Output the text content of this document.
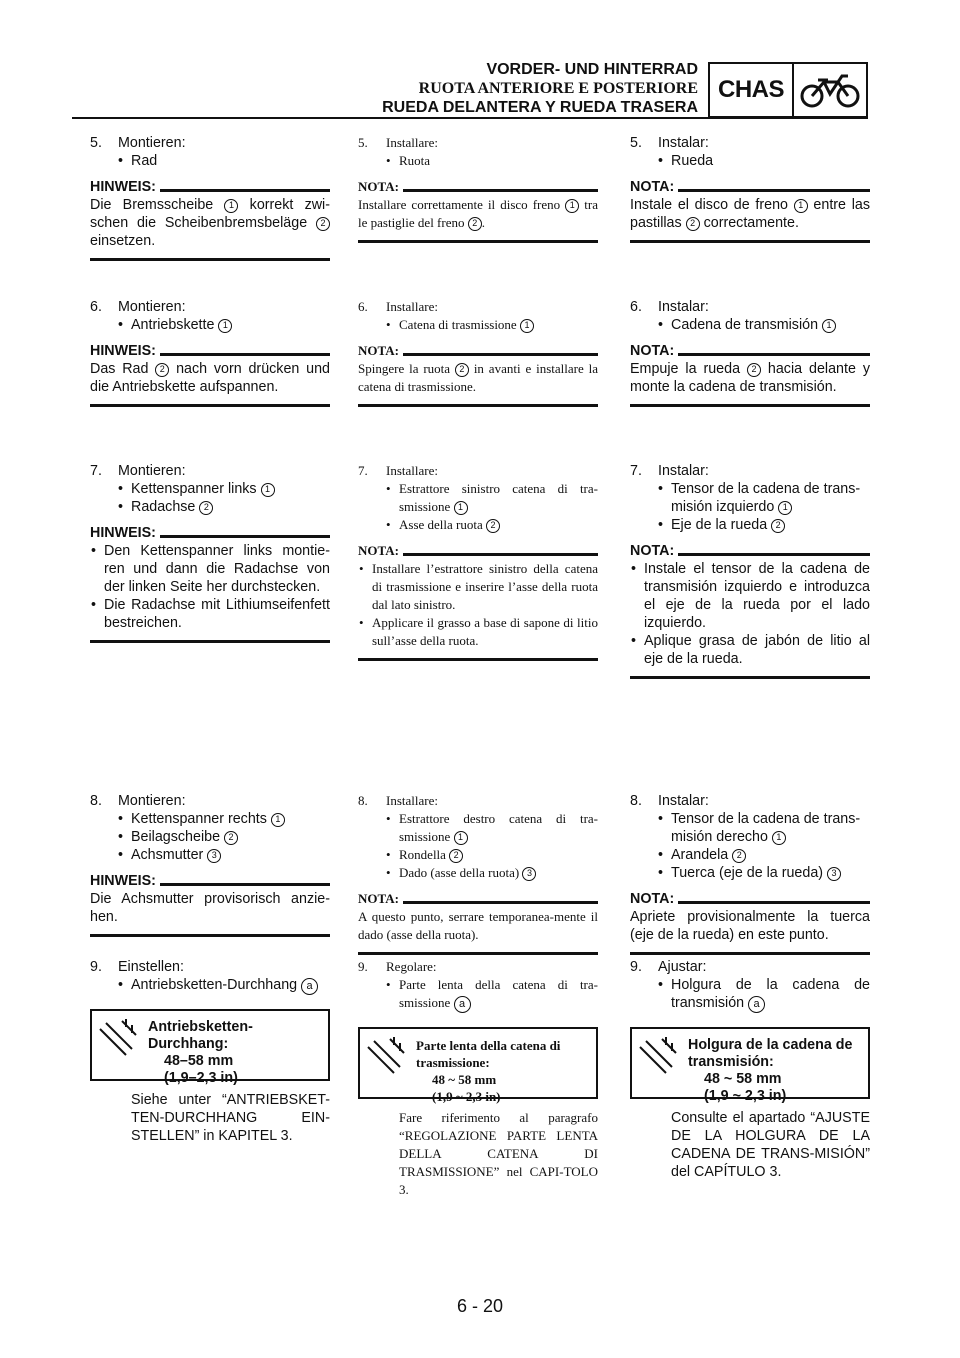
VORDER- UND HINTERRAD
RUOTA ANTERIORE E POSTERIORE
RUEDA DELANTERA Y RUEDA TRASERA
CHAS
5. Montieren:
• Rad
HINWEIS:
Die Bremsscheibe 1 korrekt zwi-schen die Scheibenbremsbeläge 2 einsetzen.
6. Montieren:
• Antriebskette 1
HINWEIS:
Das Rad 2 nach vorn drücken und die Antriebskette aufspannen.
7. Montieren:
• Kettenspanner links 1
• Radachse 2
HINWEIS:
• Den Kettenspanner links montie-ren und dann die Radachse von der linken Seite her durchstecken.
• Die Radachse mit Lithiumseifenfett bestreichen.
8. Montieren:
• Kettenspanner rechts 1
• Beilagscheibe 2
• Achsmutter 3
HINWEIS:
Die Achsmutter provisorisch anzie-hen.
9. Einstellen:
• Antriebsketten-Durchhang a
Antriebsketten-
Durchhang:
48–58 mm
(1,9–2,3 in)
Siehe unter “ANTRIEBSKET-TEN-DURCHHANG EIN-STELLEN” in KAPITEL 3.
5. Installare:
• Ruota
NOTA:
Installare correttamente il disco freno 1 tra le pastiglie del freno 2 .
6. Installare:
• Catena di trasmissione 1
NOTA:
Spingere la ruota 2 in avanti e installare la catena di trasmissione.
7. Installare:
• Estrattore sinistro catena di tra-smissione 1
• Asse della ruota 2
NOTA:
• Installare l’estrattore sinistro della catena di trasmissione e inserire l’asse della ruota dal lato sinistro.
• Applicare il grasso a base di sapone di litio sull’asse della ruota.
8. Installare:
• Estrattore destro catena di tra-smissione 1
• Rondella 2
• Dado (asse della ruota) 3
NOTA:
A questo punto, serrare temporanea-mente il dado (asse della ruota).
9. Regolare:
• Parte lenta della catena di tra-smissione a
Parte lenta della catena di
trasmissione:
48 ~ 58 mm
(1,9 ~ 2,3 in)
Fare riferimento al paragrafo “REGOLAZIONE PARTE LENTA DELLA CATENA DI TRASMISSIONE” nel CAPI-TOLO 3.
5. Instalar:
• Rueda
NOTA:
Instale el disco de freno 1 entre las pastillas 2 correctamente.
6. Instalar:
• Cadena de transmisión 1
NOTA:
Empuje la rueda 2 hacia delante y monte la cadena de transmisión.
7. Instalar:
• Tensor de la cadena de trans-misión izquierdo 1
• Eje de la rueda 2
NOTA:
• Instale el tensor de la cadena de transmisión izquierdo e introduzca el eje de la rueda por el lado izquierdo.
• Aplique grasa de jabón de litio al eje de la rueda.
8. Instalar:
• Tensor de la cadena de trans-misión derecho 1
• Arandela 2
• Tuerca (eje de la rueda) 3
NOTA:
Apriete provisionalmente la tuerca (eje de la rueda) en este punto.
9. Ajustar:
• Holgura de la cadena de transmisión a
Holgura de la cadena de
transmisión:
48 ~ 58 mm
(1,9 ~ 2,3 in)
Consulte el apartado “AJUSTE DE LA HOLGURA DE LA CADENA DE TRANS-MISIÓN” del CAPÍTULO 3.
6 - 20
